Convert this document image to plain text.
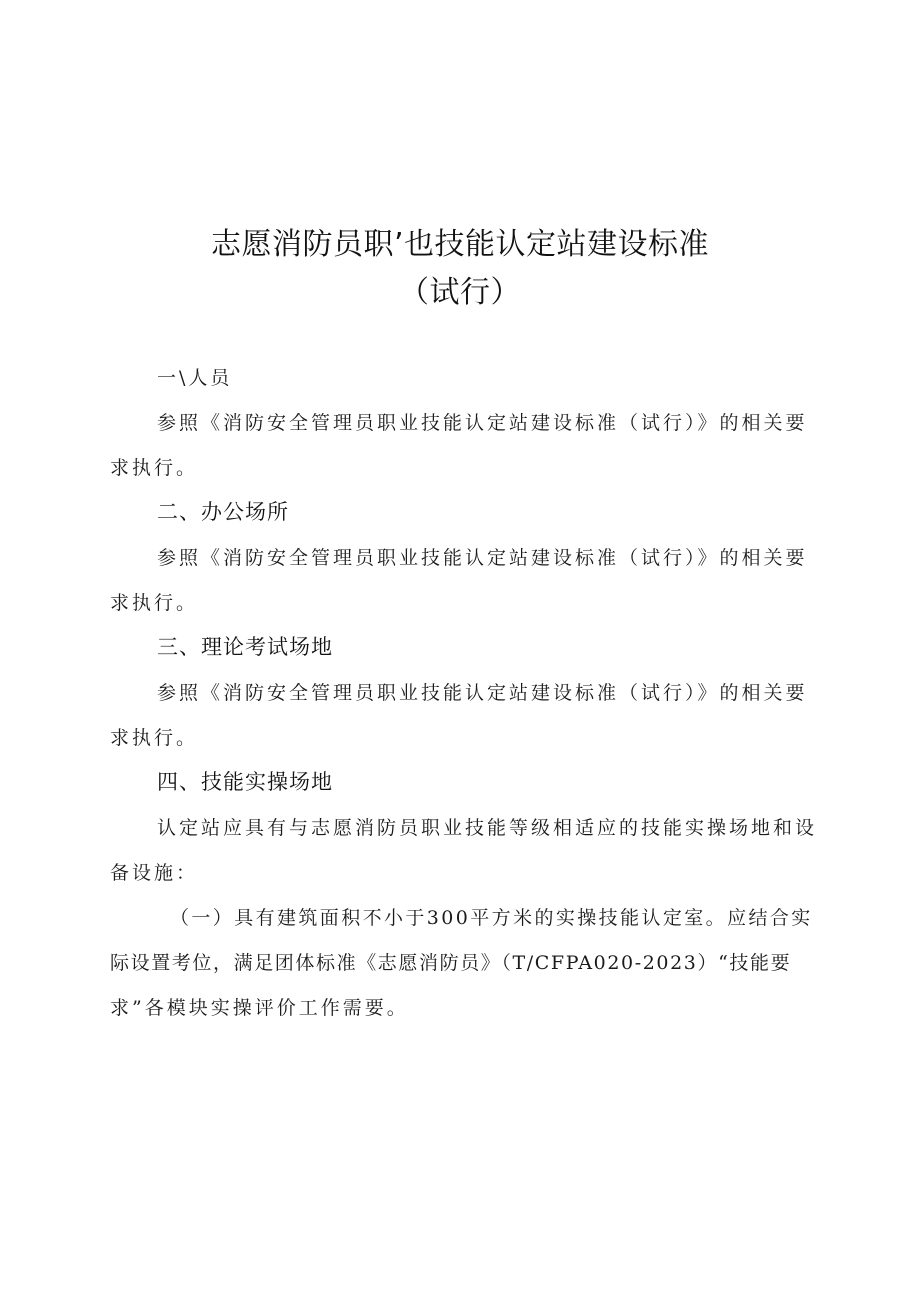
志愿消防员职’也技能认定站建设标准
（试行）
一\人员
参照《消防安全管理员职业技能认定站建设标准（试行）》的相关要
求执行。
二、办公场所
参照《消防安全管理员职业技能认定站建设标准（试行）》的相关要
求执行。
三、理论考试场地
参照《消防安全管理员职业技能认定站建设标准（试行）》的相关要
求执行。
四、技能实操场地
认定站应具有与志愿消防员职业技能等级相适应的技能实操场地和设
备设施：
（一）具有建筑面积不小于300平方米的实操技能认定室。应结合实
际设置考位，满足团体标准《志愿消防员》（T/CFPA020-2023）“技能要
求”各模块实操评价工作需要。
